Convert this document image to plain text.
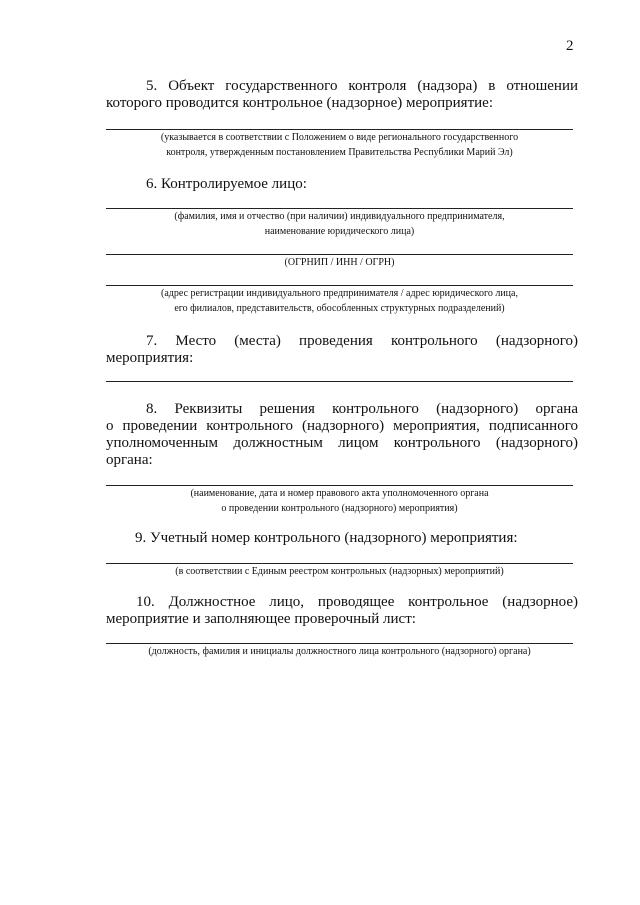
2
5. Объект государственного контроля (надзора) в отношении
которого проводится контрольное (надзорное) мероприятие:
(указывается в соответствии с Положением о виде регионального государственного
контроля, утвержденным постановлением Правительства Республики Марий Эл)
6. Контролируемое лицо:
(фамилия, имя и отчество (при наличии) индивидуального предпринимателя,
наименование юридического лица)
(ОГРНИП / ИНН / ОГРН)
(адрес регистрации индивидуального предпринимателя / адрес юридического лица,
его филиалов, представительств, обособленных структурных подразделений)
7. Место (места) проведения контрольного (надзорного)
мероприятия:
8. Реквизиты решения контрольного (надзорного) органа
о проведении контрольного (надзорного) мероприятия, подписанного
уполномоченным должностным лицом контрольного (надзорного)
органа:
(наименование, дата и номер правового акта уполномоченного органа
о проведении контрольного (надзорного) мероприятия)
9. Учетный номер контрольного (надзорного) мероприятия:
(в соответствии с Единым реестром контрольных (надзорных) мероприятий)
10. Должностное лицо, проводящее контрольное (надзорное)
мероприятие и заполняющее проверочный лист:
(должность, фамилия и инициалы должностного лица контрольного (надзорного) органа)
